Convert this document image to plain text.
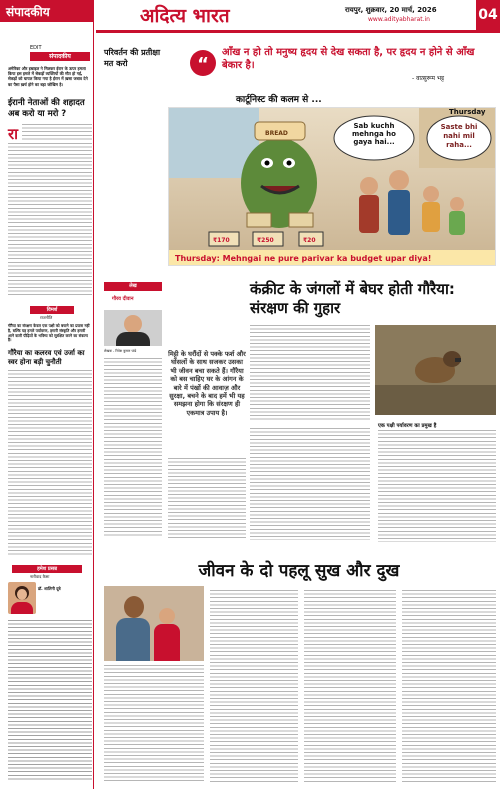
संपादकीय	अदित्य भारत	रायपुर, शुक्रवार, 20 मार्च, 2026
www.adityabharat.in	04
EDIT
संपादकीय
अमेरिका और इस्राइल ने मिलकर ईरान के ऊपर हमला किया इस हमले में सेकड़ों व्यक्तियों की मौत हो गई, सेकड़ों को घायल किया गया है ईरान में ख़सा जबाव देने का पैसा ख़र्च होने का बड़ा जोखिम है।
ईरानी नेताओं की शहादत अब करो या मरो ?
रा
विमर्श
राजनीति
गौरैया का संरक्षण केवल एक पक्षी को बचाने का प्रयास नहीं है, बल्कि यह हमारे पर्यावरण, हमारी संस्कृति और हमारी आने वाली पीढ़ियों के भविष्य को सुरक्षित करने का संकल्प है।
गौरैया का कलरव एवं उर्जा का स्वर होना बड़ी चुनौती
हमेश प्रसन्न
नारीवाद कैसा
डॉ. शालिनी दूबे
परिवर्तन की प्रतीक्षा मत करो	“
आँख न हो तो मनुष्य हृदय से देख सकता है, पर हृदय न होने से आँख बेकार है।
- वात्सुरूम भट्ट
कार्टूनिस्ट की कलम से ...
BREAD
₹170	₹250	₹20
Sab kuchh mehnga ho gaya hai...
Saste bhi nahi mil raha...
Thursday
Thursday: Mehngai ne pure parivar ka budget upar diya!
लेख
गौरव दीवान
लेखक - रितेश कुमार पांडे	मिट्टी के घरौंदों से पक्के फर्श और घोंसलों के साथ सजकर उसका भी जीवन बचा सकते हैं। गौरैया को बस चाहिए घर के आंगन के बारे में पंखों की आवाज़ और सुरक्षा, बचने के बाद हमें भी यह समझना होगा कि संरक्षण ही एकमात्र उपाय है।
कंक्रीट के जंगलों में बेघर होती गौरैया: संरक्षण की गुहार
एक पक्षी पर्यावरण का प्रमुख है
जीवन के दो पहलू सुख और दुख
